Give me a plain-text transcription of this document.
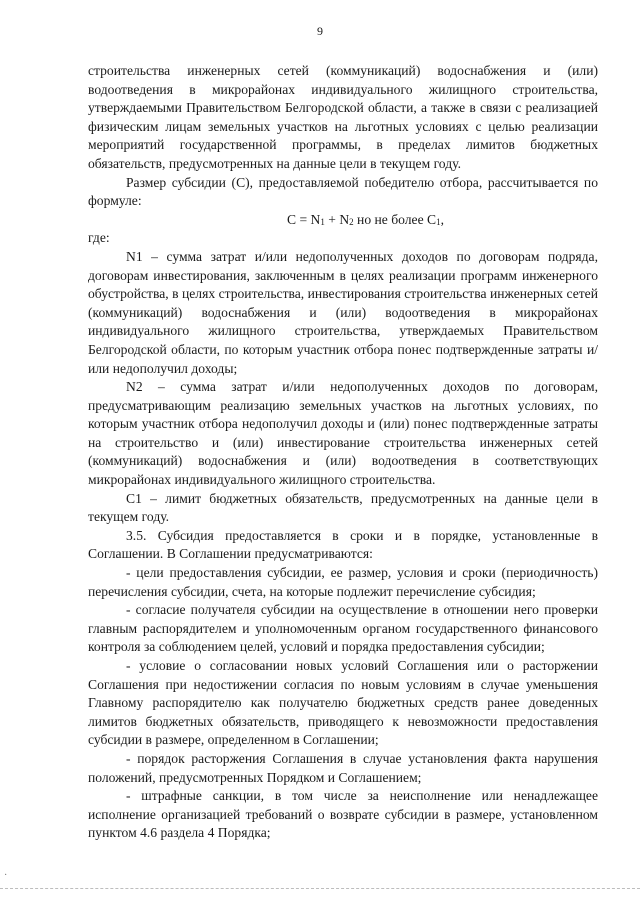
9

строительства инженерных сетей (коммуникаций) водоснабжения и (или) водоотведения в микрорайонах индивидуального жилищного строительства, утверждаемыми Правительством Белгородской области, а также в связи с реализацией физическим лицам земельных участков на льготных условиях с целью реализации мероприятий государственной программы, в пределах лимитов бюджетных обязательств, предусмотренных на данные цели в текущем году.

Размер субсидии (С), предоставляемой победителю отбора, рассчитывается по формуле:

$C = N_1 + N_2$ но не более $C_1$,

где:

N1 – сумма затрат и/или недополученных доходов по договорам подряда, договорам инвестирования, заключенным в целях реализации программ инженерного обустройства, в целях строительства, инвестирования строительства инженерных сетей (коммуникаций) водоснабжения и (или) водоотведения в микрорайонах индивидуального жилищного строительства, утверждаемых Правительством Белгородской области, по которым участник отбора понес подтвержденные затраты и/или недополучил доходы;

N2 – сумма затрат и/или недополученных доходов по договорам, предусматривающим реализацию земельных участков на льготных условиях, по которым участник отбора недополучил доходы и (или) понес подтвержденные затраты на строительство и (или) инвестирование строительства инженерных сетей (коммуникаций) водоснабжения и (или) водоотведения в соответствующих микрорайонах индивидуального жилищного строительства.

C1 – лимит бюджетных обязательств, предусмотренных на данные цели в текущем году.

3.5. Субсидия предоставляется в сроки и в порядке, установленные в Соглашении. В Соглашении предусматриваются:

- цели предоставления субсидии, ее размер, условия и сроки (периодичность) перечисления субсидии, счета, на которые подлежит перечисление субсидия;

- согласие получателя субсидии на осуществление в отношении него проверки главным распорядителем и уполномоченным органом государственного финансового контроля за соблюдением целей, условий и порядка предоставления субсидии;

- условие о согласовании новых условий Соглашения или о расторжении Соглашения при недостижении согласия по новым условиям в случае уменьшения Главному распорядителю как получателю бюджетных средств ранее доведенных лимитов бюджетных обязательств, приводящего к невозможности предоставления субсидии в размере, определенном в Соглашении;

- порядок расторжения Соглашения в случае установления факта нарушения положений, предусмотренных Порядком и Соглашением;

- штрафные санкции, в том числе за неисполнение или ненадлежащее исполнение организацией требований о возврате субсидии в размере, установленном пунктом 4.6 раздела 4 Порядка;

·
